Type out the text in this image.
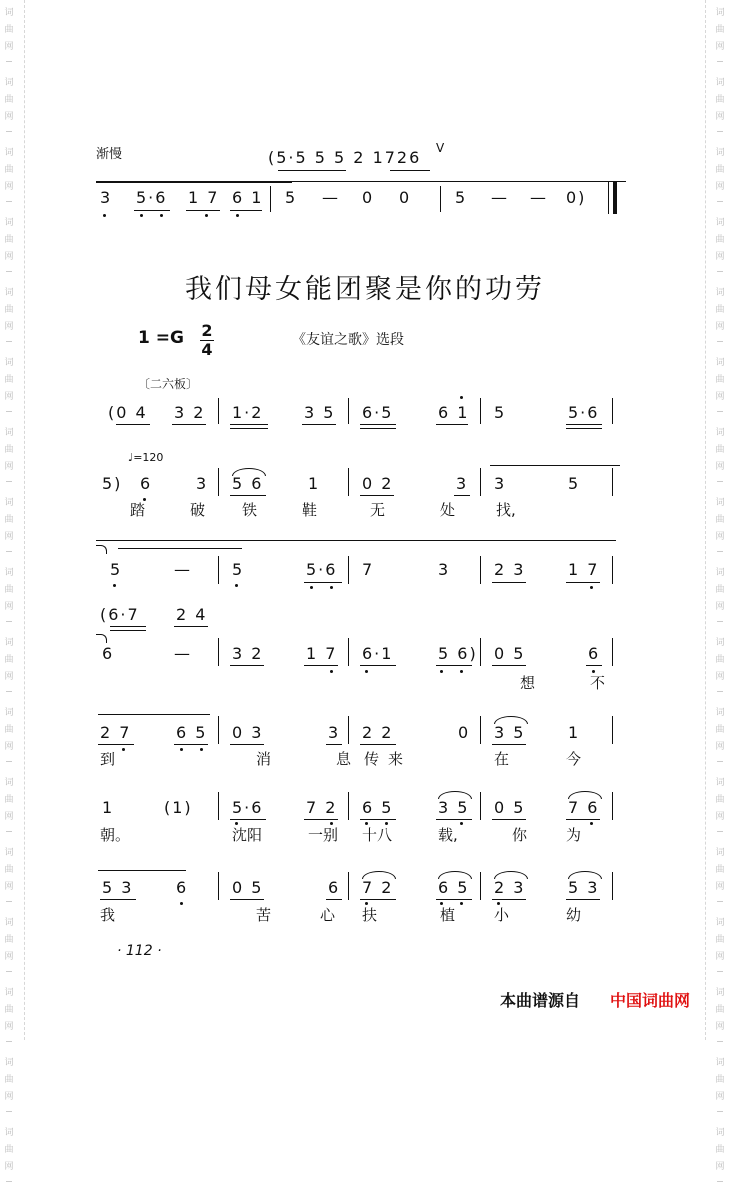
词
曲
网
词
曲
网
词
曲
网
词
曲
网
词
曲
网
词
曲
网
词
曲
网
词
曲
网
词
曲
网
词
曲
网
词
曲
网
词
曲
网
词
曲
网
词
曲
网
词
曲
网
词
曲
网
词
曲
网
词
曲
网
词
曲
网
词
曲
网
词
曲
网
词
曲
网
词
曲
网
词
曲
网
词
曲
网
词
曲
网
词
曲
网
词
曲
网
词
曲
网
词
曲
网
词
曲
网
词
曲
网
词
曲
网
词
曲
网
渐慢	(5·5 5 5 2 1726 V
3 5·6 1 7 6 1 5 — 0 0	5 — — 0)
我们母女能团聚是你的功劳
1 =G 2
4	《友谊之歌》选段
〔二六板〕
(0 4 3 2 1·2	3 5 6·5	6 1 5	5·6
♩=120
5) 6	3 5 6	1	0 2	3 3	5
踏	破 铁	鞋	无	处	找,
5	—	5	5·6 7	3	2 3	1 7
(6·7 2 4
6	—	3 2	1 7 6·1	5 6) 0 5	6
想	不
2 7	6 5 0 3	3 2 2	0 3 5	1
到	消	息 传 来	在	今
1	(1) 5·6	7 2 6 5	3 5 0 5	7 6
朝。	沈阳	一别 十八	载,	你	为
5 3	6	0 5	6 7 2	6 5 2 3	5 3
我	苦	心 扶	植	小	幼
· 112 ·
本曲谱源自 中国词曲网
